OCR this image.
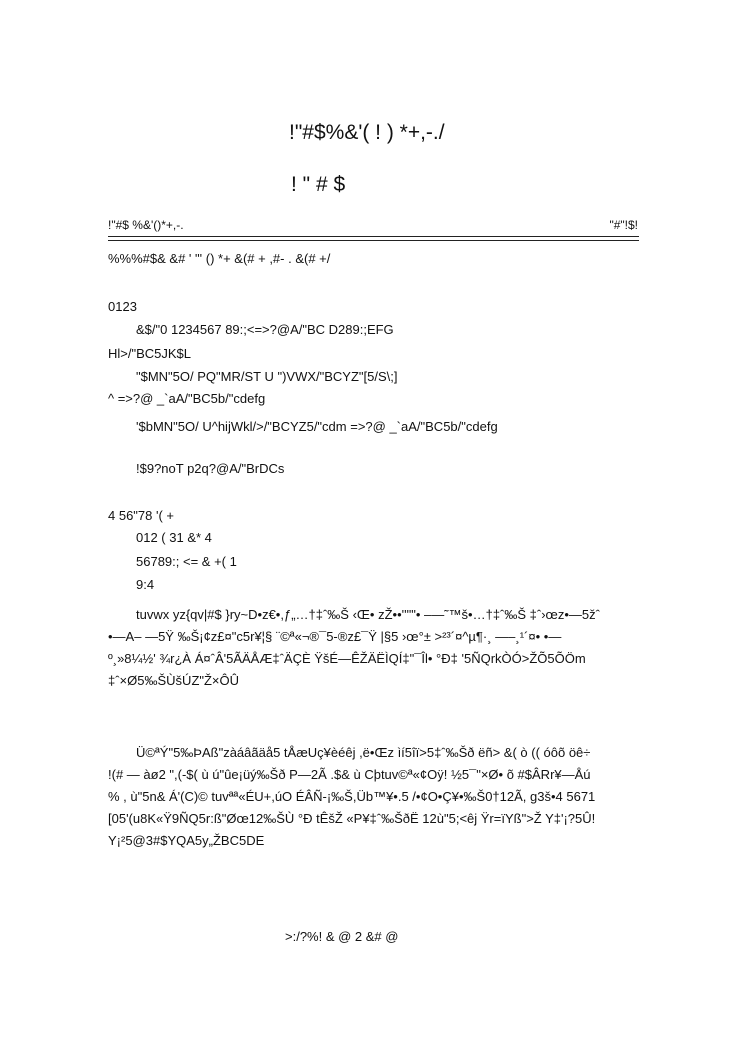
!"#$%&'( ! ) *+,-./
! " # $
!"#$ %&'()*+,-.	"#"!$!
%%%#$& &# ' "' () *+ &(# + ,#- . &(# +/
0123
&$/"0 1234567 89:;<=>?@A/"BC D289:;EFG
Hl>/"BC5JK$L
"$MN"5O/ PQ"MR/ST U ")VWX/"BCYZ"[5/S\;]
^ =>?@ _`aA/"BC5b/"cdefg
'$bMN"5O/ U^hijWkl/>/"BCYZ5/"cdm =>?@ _`aA/"BC5b/"cdefg
!$9?noT p2q?@A/"BrDCs
4 56"78 '( +
012 ( 31 &* 4
56789:; <= & +( 1
9:4
tuvwx yz{qv|#$ }ry~D•z€•,ƒ„…†‡ˆ‰Š ‹Œ• zŽ••''""• –—˜™š•…†‡ˆ‰Š ‡ˆ›œz•—5žˆ
•—A– —5Ÿ ‰Š¡¢z£¤"c5r¥¦§ ¨©ª«¬®¯5-®z£¯Ÿ |§5 ›œ°± >²³´¤^µ¶·¸ —–¸¹´¤• •—
º¸»8¼½' ¾r¿À Á¤ˆÂ'5ÃÄÅÆ‡ˆÄÇÈ ŸšÉ—ÊŽÄËÌQÍ‡"¯Îl• °Ð‡ '5ÑQrkÒÓ>ŽÕ5ÕÖm
‡ˆ×Ø5‰ŠÙšÚZ"Ž×ÔÛ
Ü©ªÝ"5‰ÞAß"zàáâãäå5 tÅæUç¥èéêj ,ë•Œz ìí5îï>5‡ˆ‰Šð ëñ> &( ò (( óôõ öê÷
!(# — àø2 ",(-$( ù ú"ûe¡üý‰Šð P—2Ã .$& ù Cþtuv©ª«¢Oÿ! ½5¯"×Ø• õ #$ÂRr¥—Åú
% , ù"5n& Á'(C)© tuvªª«ÉU+,úO ÉÂÑ-¡‰Š,Üb™¥•.5 /•¢O•Ç¥•‰Š0†12Ã, g3š•4 5671
[05'(u8K«Ÿ9ÑQ5r:ß"Øœ12‰ŠÙ °Ð tÊšŽ «P¥‡ˆ‰ŠðË 12ù"5;<êj Ÿr=ïYß">Ž Y‡'¡?5Û!
Y¡²5@3#$YQA5y„ŽBC5DE
>:/?%! & @ 2 &# @
